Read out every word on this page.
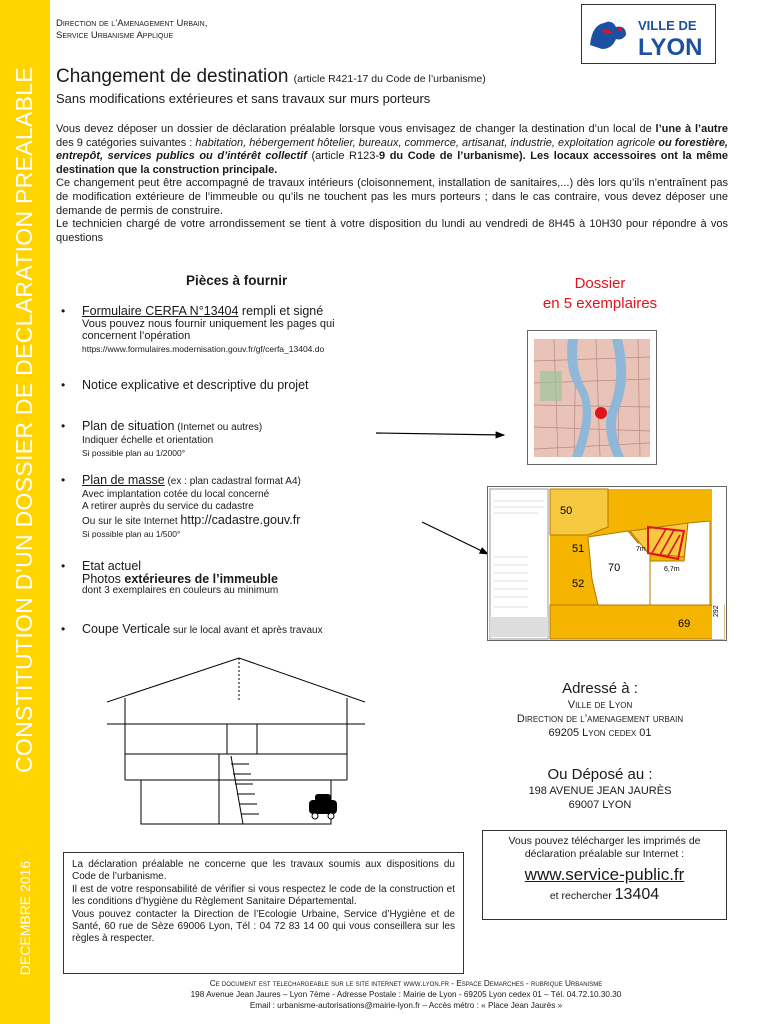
CONSTITUTION D’UN DOSSIER DE DECLARATION PREALABLE
DECEMBRE 2016
Direction de l’Amenagement Urbain,
Service Urbanisme Applique
VILLE DE
LYON
Changement de destination (article R421-17 du Code de l’urbanisme)
Sans modifications extérieures et sans travaux sur murs porteurs

Vous devez déposer un dossier de déclaration préalable lorsque vous envisagez de changer la destination d’un local de l’une à l’autre des 9 catégories suivantes : habitation, hébergement hôtelier, bureaux, commerce, artisanat, industrie, exploitation agricole ou forestière, entrepôt, services publics ou d’intérêt collectif (article R123-9 du Code de l’urbanisme). Les locaux accessoires ont la même destination que la construction principale.

Ce changement peut être accompagné de travaux intérieurs (cloisonnement, installation de sanitaires,...) dès lors qu’ils n’entraînent pas de modification extérieure de l’immeuble ou qu’ils ne touchent pas les murs porteurs ; dans le cas contraire, vous devez déposer une demande de permis de construire.

Le technicien chargé de votre arrondissement se tient à votre disposition du lundi au vendredi de 8H45 à 10H30 pour répondre à vos questions

Pièces à fournir	Dossier
en 5 exemplaires
• Formulaire CERFA N°13404 rempli et signé
Vous pouvez nous fournir uniquement les pages qui
concernent l’opération
https://www.formulaires.modernisation.gouv.fr/gf/cerfa_13404.do
• Notice explicative et descriptive du projet
• Plan de situation (Internet ou autres)
Indiquer échelle et orientation
Si possible plan au 1/2000°
• Plan de masse (ex : plan cadastral format A4)
Avec implantation cotée du local concerné
A retirer auprès du service du cadastre
Ou sur le site Internet http://cadastre.gouv.fr
Si possible plan au 1/500°
• Etat actuel
Photos extérieures de l’immeuble
dont 3 exemplaires en couleurs au minimum
• Coupe Verticale sur le local avant et après travaux
50
51
52
70
69
7m
6,7m
292
Adressé à :
Ville de Lyon
Direction de l’amenagement urbain
69205 Lyon cedex 01
Ou Déposé au :
198 AVENUE JEAN JAURÈS
69007 LYON
Vous pouvez télécharger les imprimés de
déclaration préalable sur Internet :
www.service-public.fr
et rechercher 13404

La déclaration préalable ne concerne que les travaux soumis aux dispositions du Code de l’urbanisme.

Il est de votre responsabilité de vérifier si vous respectez le code de la construction et les conditions d’hygiène du Règlement Sanitaire Départemental.

Vous pouvez contacter la Direction de l’Ecologie Urbaine, Service d’Hygiène et de Santé, 60 rue de Sèze 69006 Lyon, Tél : 04 72 83 14 00 qui vous conseillera sur les règles à respecter.

Ce document est telechargeable sur le site internet www.lyon.fr - Espace Demarches - rubrique Urbanisme
198 Avenue Jean Jaures – Lyon 7ème - Adresse Postale : Mairie de Lyon - 69205 Lyon cedex 01 – Tél. 04.72.10.30.30
Email : urbanisme-autorisations@mairie-lyon.fr – Accès métro : « Place Jean Jaurès »
